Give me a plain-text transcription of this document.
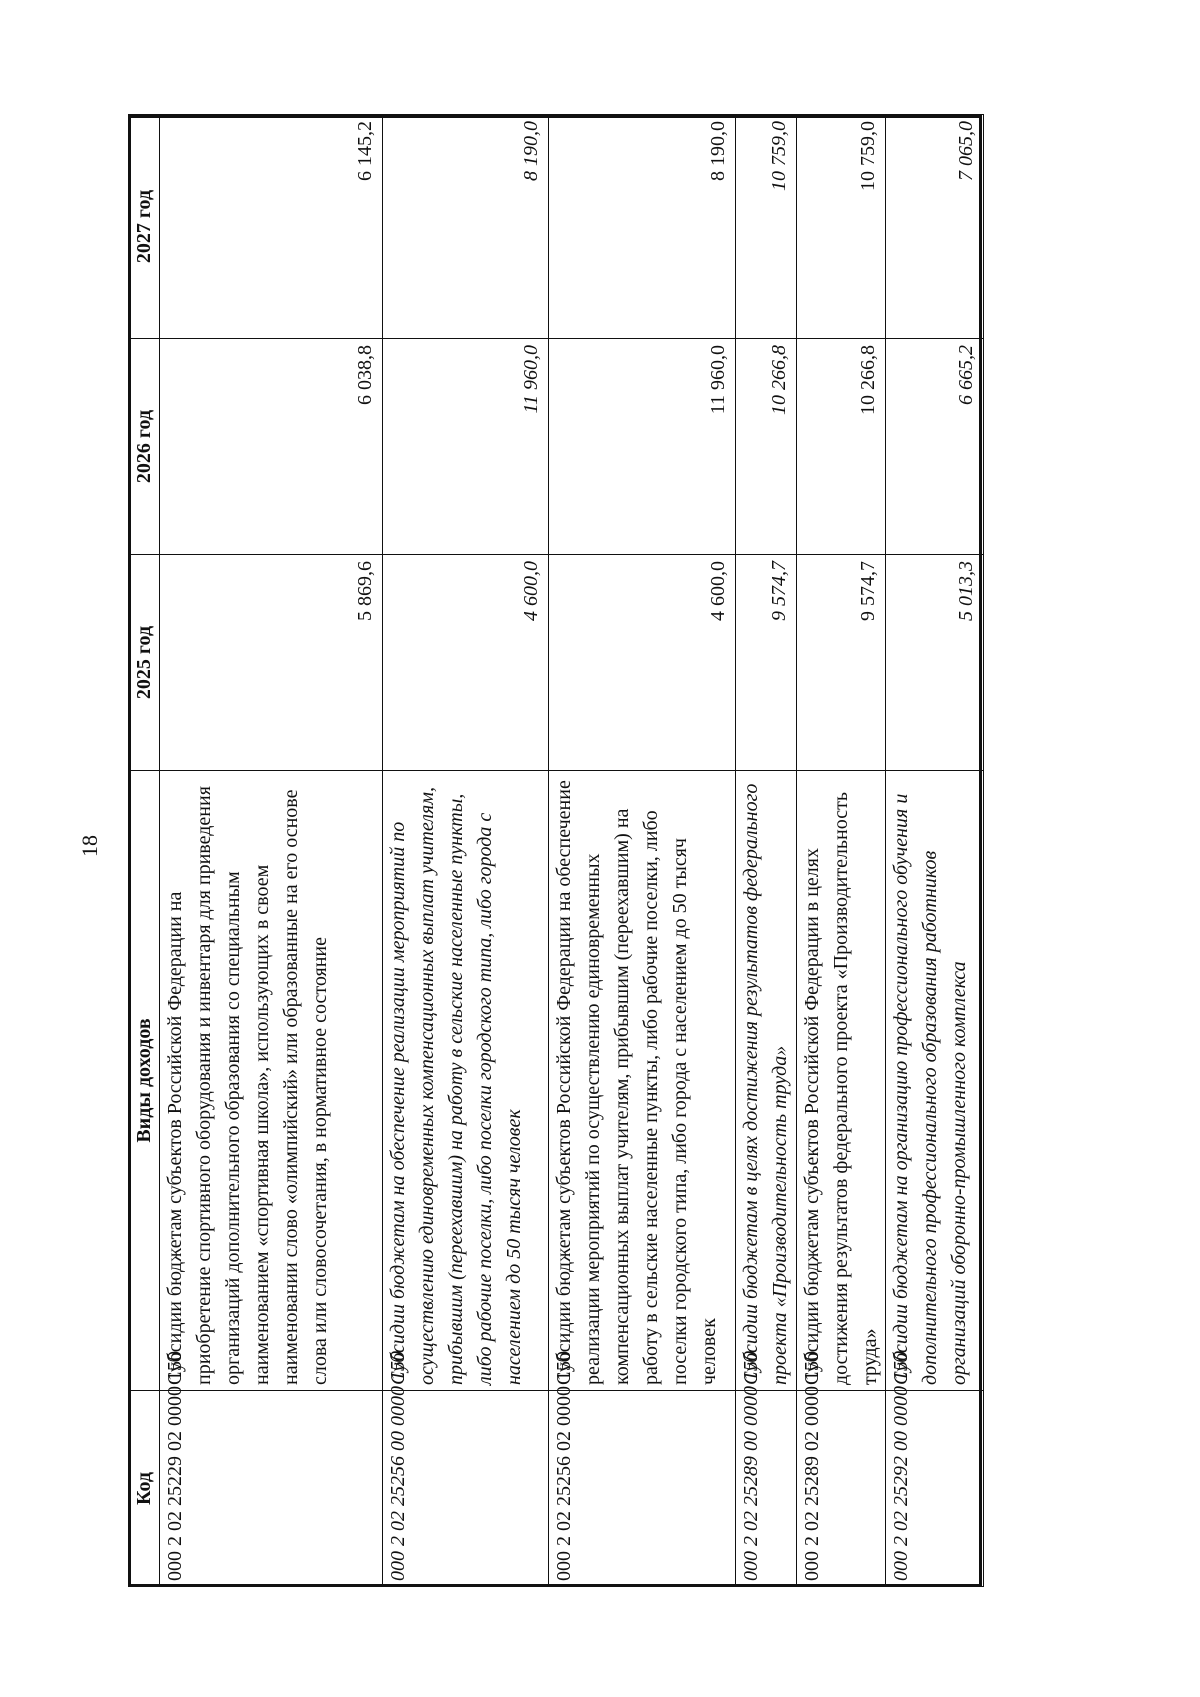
18
Код	Виды доходов	2025 год	2026 год	2027 год
000 2 02 25229 02 0000 150	Субсидии бюджетам субъектов Российской Федерации на приобретение спортивного оборудования и инвентаря для приведения организаций дополнительного образования со специальным наименованием «спортивная школа», использующих в своем наименовании слово «олимпийский» или образованные на его основе слова или словосочетания, в нормативное состояние	5 869,6	6 038,8	6 145,2
000 2 02 25256 00 0000 150	Субсидии бюджетам на обеспечение реализации мероприятий по осуществлению единовременных компенсационных выплат учителям, прибывшим (переехавшим) на работу в сельские населенные пункты, либо рабочие поселки, либо поселки городского типа, либо города с населением до 50 тысяч человек	4 600,0	11 960,0	8 190,0
000 2 02 25256 02 0000 150	Субсидии бюджетам субъектов Российской Федерации на обеспечение реализации мероприятий по осуществлению единовременных компенсационных выплат учителям, прибывшим (переехавшим) на работу в сельские населенные пункты, либо рабочие поселки, либо поселки городского типа, либо города с населением до 50 тысяч человек	4 600,0	11 960,0	8 190,0
000 2 02 25289 00 0000 150	Субсидии бюджетам в целях достижения результатов федерального проекта «Производительность труда»	9 574,7	10 266,8	10 759,0
000 2 02 25289 02 0000 150	Субсидии бюджетам субъектов Российской Федерации в целях достижения результатов федерального проекта «Производительность труда»	9 574,7	10 266,8	10 759,0
000 2 02 25292 00 0000 150	Субсидии бюджетам на организацию профессионального обучения и дополнительного профессионального образования работников организаций оборонно-промышленного комплекса	5 013,3	6 665,2	7 065,0
